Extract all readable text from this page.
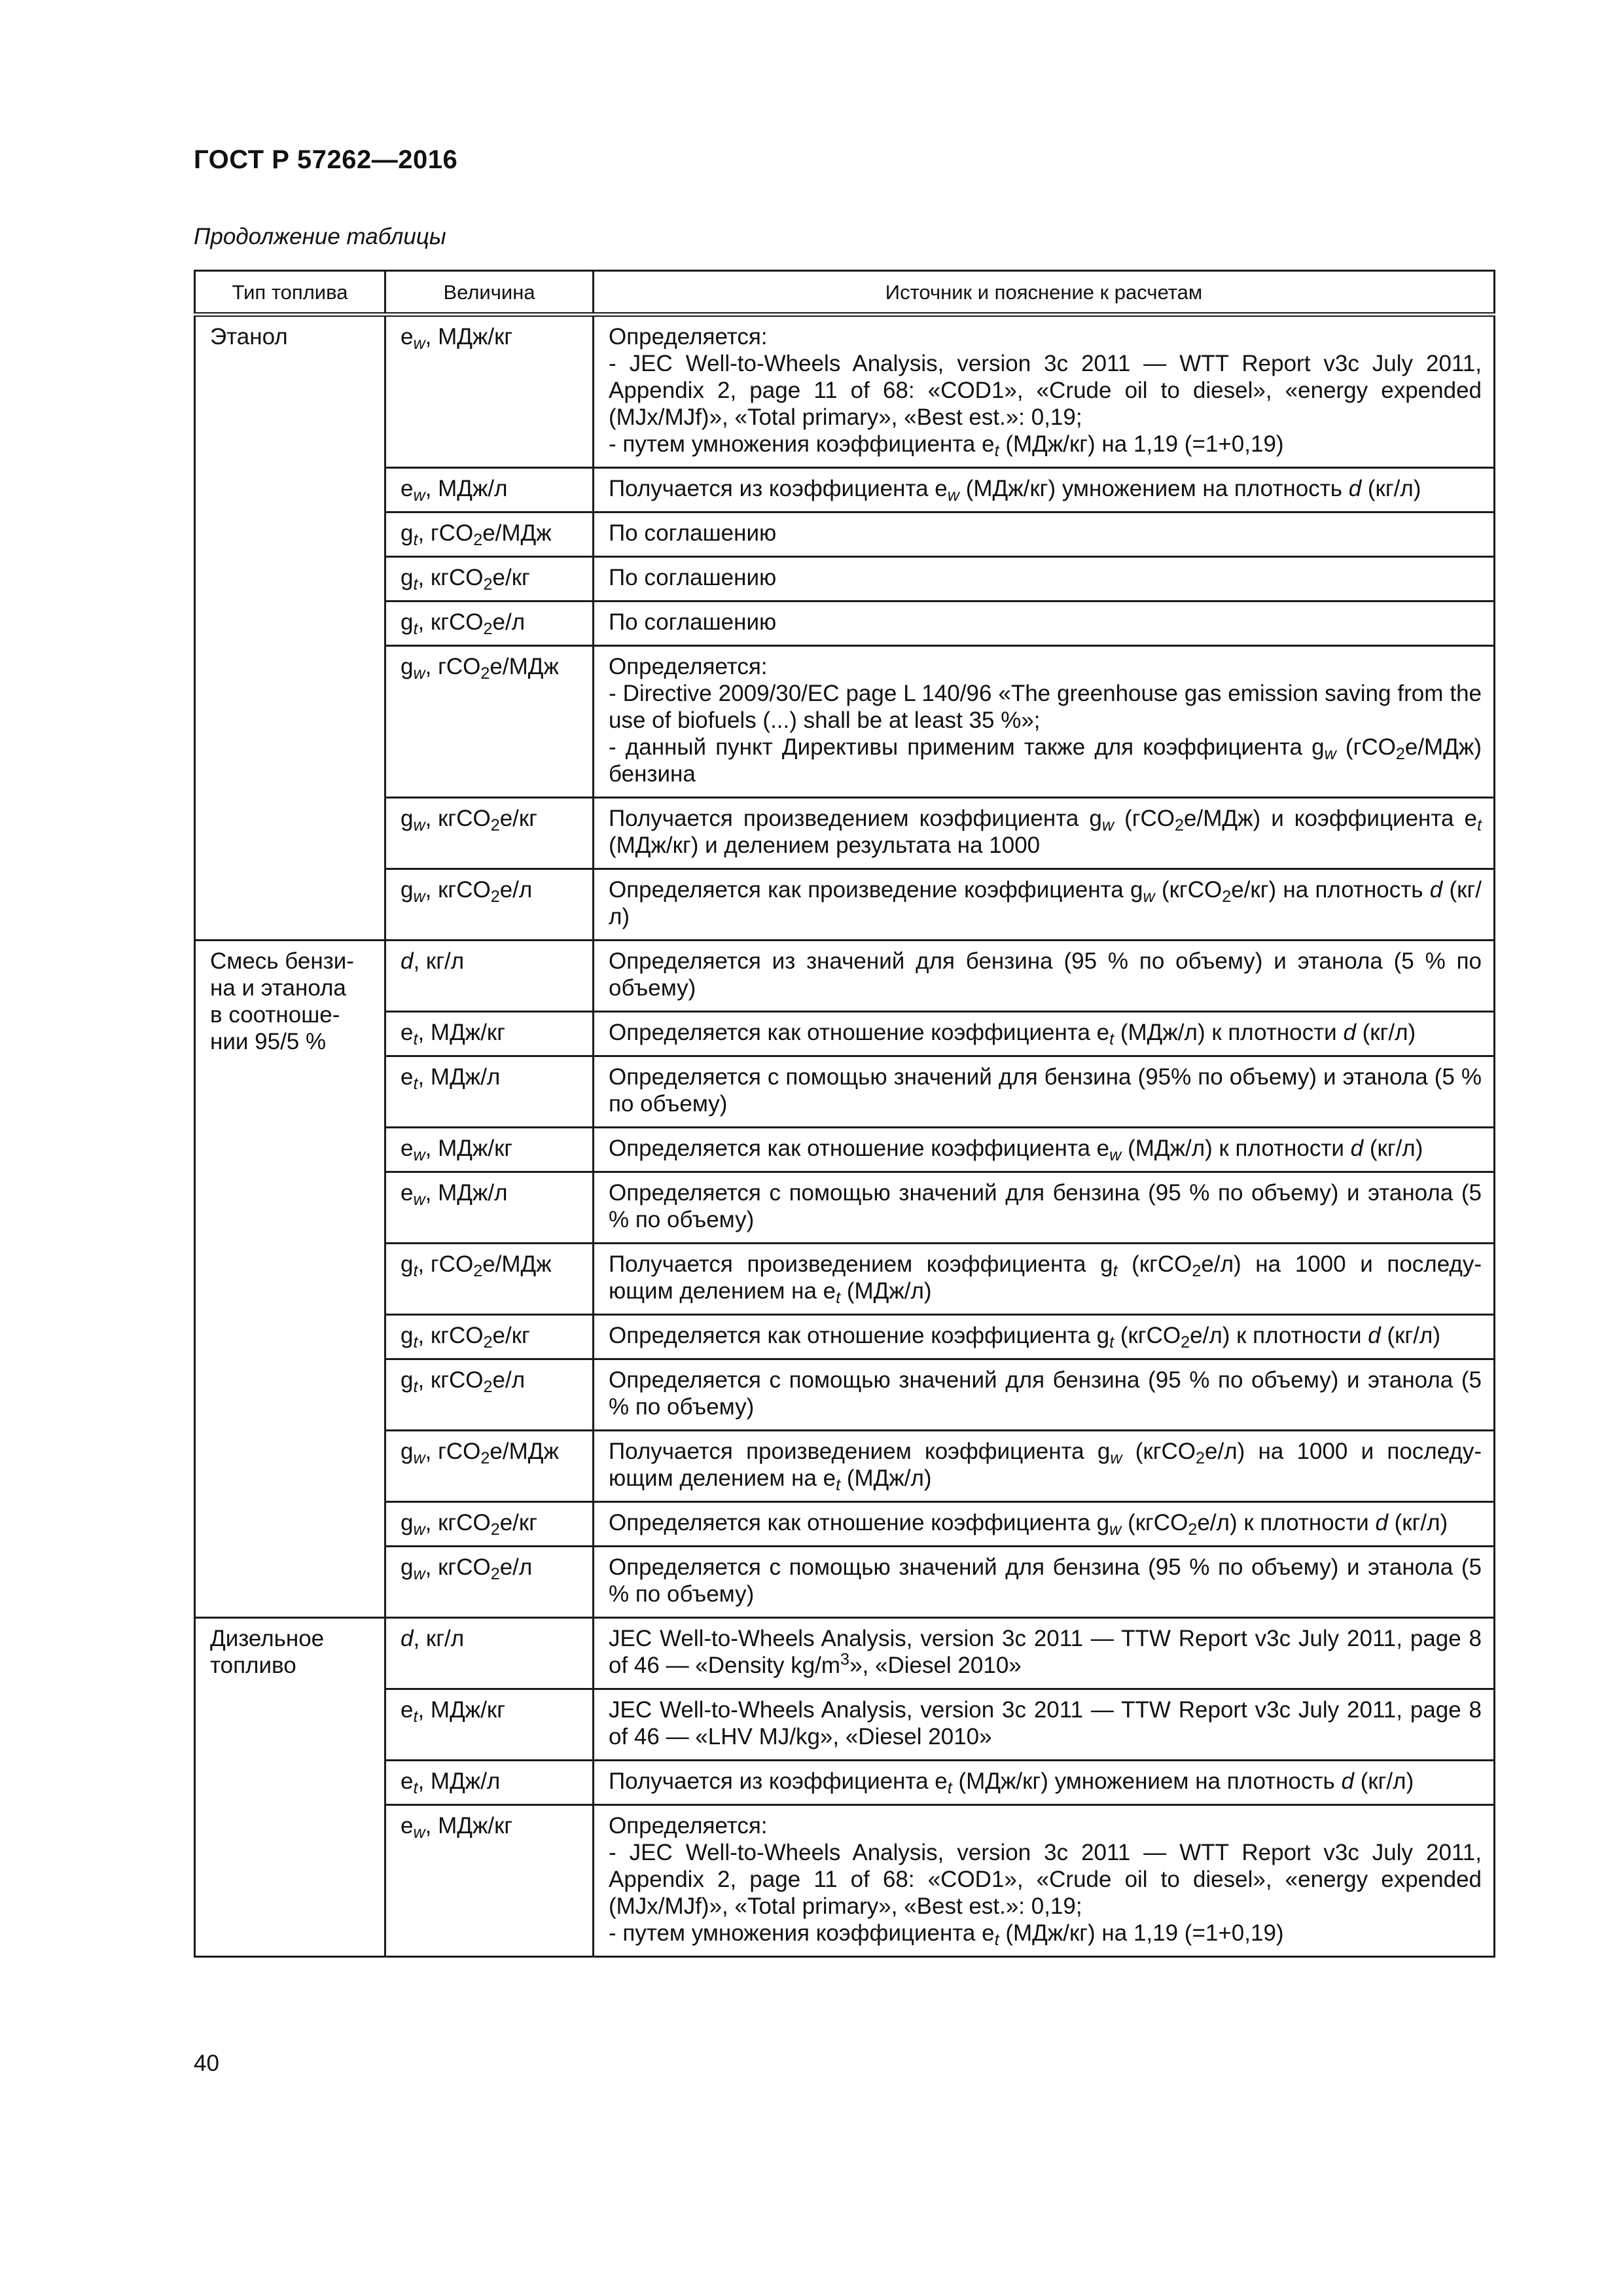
ГОСТ Р 57262—2016
Продолжение таблицы
Тип топлива	Величина	Источник и пояснение к расчетам
Этанол	$e_w$, МДж/кг	Определяется:
- JEC Well-to-Wheels Analysis, version 3c 2011 — WTT Report v3c July 2011, Appendix 2, page 11 of 68: «COD1», «Crude oil to diesel», «energy expended (MJx/MJf)», «Total primary», «Best est.»: 0,19;
- путем умножения коэффициента $e_t$ (МДж/кг) на 1,19 (=1+0,19)

	$e_w$, МДж/л	Получается из коэффициента $e_w$ (МДж/кг) умножением на плотность d (кг/л)

	$g_t$, гCO$_2$e/МДж	По соглашению

	$g_t$, кгCO$_2$e/кг	По соглашению

	$g_t$, кгCO$_2$e/л	По соглашению

	$g_w$, гCO$_2$e/МДж	Определяется:
- Directive 2009/30/EC page L 140/96 «The greenhouse gas emission saving from the use of biofuels (...) shall be at least 35 %»;
- данный пункт Директивы применим также для коэффициента $g_w$ (гCO$_2$e/МДж) бензина

	$g_w$, кгCO$_2$e/кг	Получается произведением коэффициента $g_w$ (гCO$_2$e/МДж) и коэффициента $e_t$ (МДж/кг) и делением результата на 1000

	$g_w$, кгCO$_2$e/л	Определяется как произведение коэффициента $g_w$ (кгCO$_2$e/кг) на плотность d (кг/л)

Смесь бензи-
на и этанола
в соотноше-
нии 95/5 %	d, кг/л	Определяется из значений для бензина (95 % по объему) и этанола (5 % по объему)

	$e_t$, МДж/кг	Определяется как отношение коэффициента $e_t$ (МДж/л) к плотности d (кг/л)

	$e_t$, МДж/л	Определяется с помощью значений для бензина (95% по объему) и этанола (5 % по объему)

	$e_w$, МДж/кг	Определяется как отношение коэффициента $e_w$ (МДж/л) к плотности d (кг/л)

	$e_w$, МДж/л	Определяется с помощью значений для бензина (95 % по объему) и этанола (5 % по объему)

	$g_t$, гCO$_2$e/МДж	Получается произведением коэффициента $g_t$ (кгCO$_2$e/л) на 1000 и последу-ющим делением на $e_t$ (МДж/л)

	$g_t$, кгCO$_2$e/кг	Определяется как отношение коэффициента $g_t$ (кгCO$_2$e/л) к плотности d (кг/л)

	$g_t$, кгCO$_2$e/л	Определяется с помощью значений для бензина (95 % по объему) и этанола (5 % по объему)

	$g_w$, гCO$_2$e/МДж	Получается произведением коэффициента $g_w$ (кгCO$_2$e/л) на 1000 и последу-ющим делением на $e_t$ (МДж/л)

	$g_w$, кгCO$_2$e/кг	Определяется как отношение коэффициента $g_w$ (кгCO$_2$e/л) к плотности d (кг/л)

	$g_w$, кгCO$_2$e/л	Определяется с помощью значений для бензина (95 % по объему) и этанола (5 % по объему)

Дизельное
топливо	d, кг/л	JEC Well-to-Wheels Analysis, version 3c 2011 — TTW Report v3c July 2011, page 8 of 46 — «Density $kg/m^3$», «Diesel 2010»

	$e_t$, МДж/кг	JEC Well-to-Wheels Analysis, version 3c 2011 — TTW Report v3c July 2011, page 8 of 46 — «LHV MJ/kg», «Diesel 2010»

	$e_t$, МДж/л	Получается из коэффициента $e_t$ (МДж/кг) умножением на плотность d (кг/л)

	$e_w$, МДж/кг	Определяется:
- JEC Well-to-Wheels Analysis, version 3c 2011 — WTT Report v3c July 2011, Appendix 2, page 11 of 68: «COD1», «Crude oil to diesel», «energy expended (MJx/MJf)», «Total primary», «Best est.»: 0,19;
- путем умножения коэффициента $e_t$ (МДж/кг) на 1,19 (=1+0,19)
40
